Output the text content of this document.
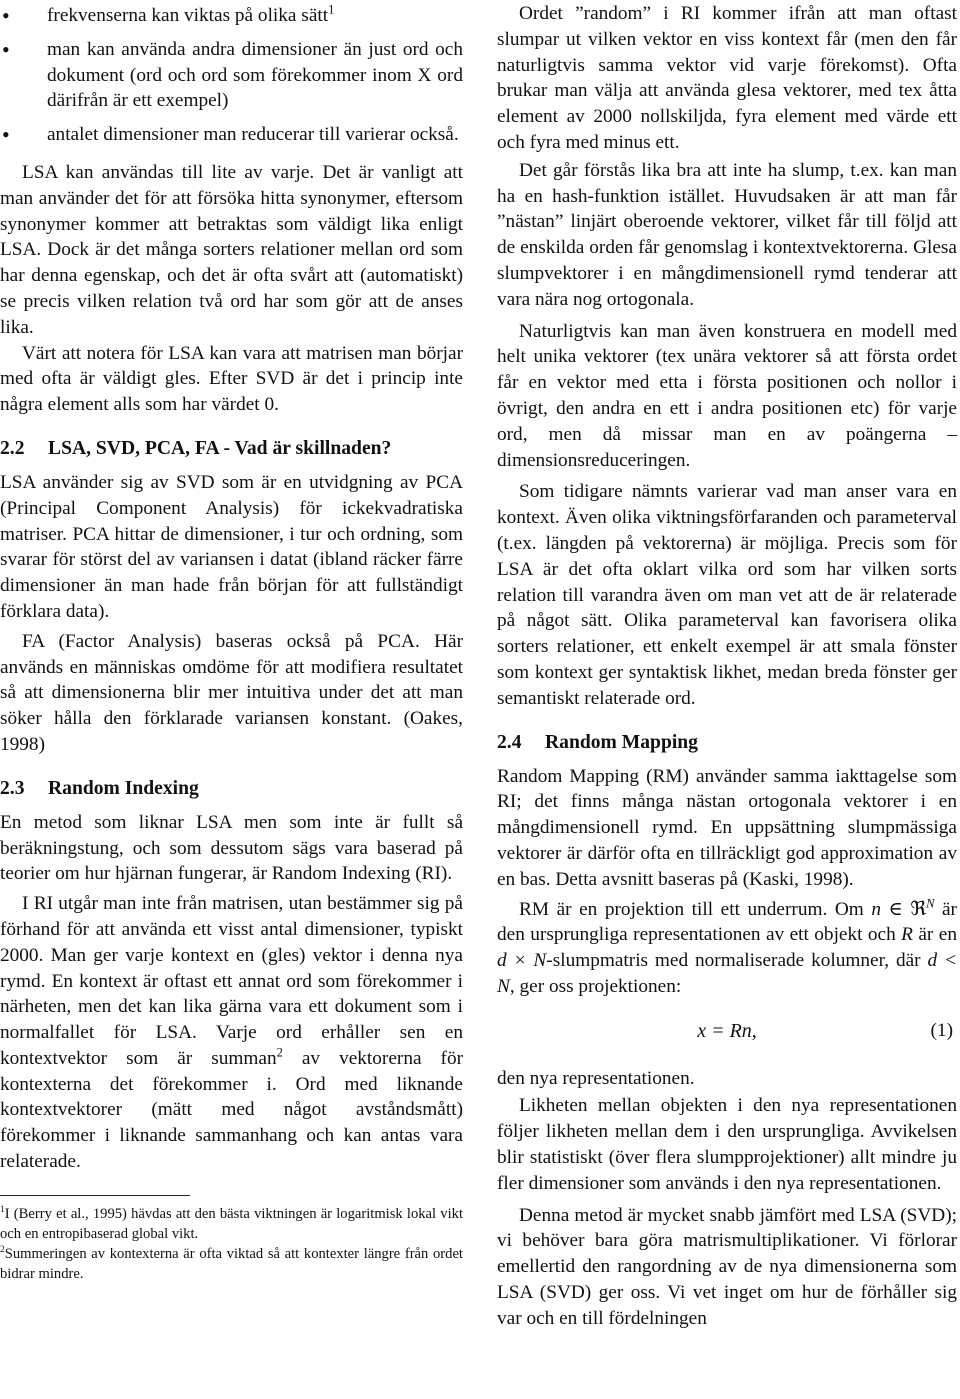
• frekvenserna kan viktas på olika sätt$^1$
• man kan använda andra dimensioner än just ord och dokument (ord och ord som förekommer inom X ord därifrån är ett exempel)
• antalet dimensioner man reducerar till varierar också.

LSA kan användas till lite av varje. Det är vanligt att man använder det för att försöka hitta synonymer, eftersom synonymer kommer att betraktas som väldigt lika enligt LSA. Dock är det många sorters relationer mellan ord som har denna egenskap, och det är ofta svårt att (automatiskt) se precis vilken relation två ord har som gör att de anses lika.

Värt att notera för LSA kan vara att matrisen man börjar med ofta är väldigt gles. Efter SVD är det i princip inte några element alls som har värdet 0.

2.2 LSA, SVD, PCA, FA - Vad är skillnaden?

LSA använder sig av SVD som är en utvidgning av PCA (Principal Component Analysis) för ickekvadratiska matriser. PCA hittar de dimensioner, i tur och ordning, som svarar för störst del av variansen i datat (ibland räcker färre dimensioner än man hade från början för att fullständigt förklara data).

FA (Factor Analysis) baseras också på PCA. Här används en människas omdöme för att modifiera resultatet så att dimensionerna blir mer intuitiva under det att man söker hålla den förklarade variansen konstant. (Oakes, 1998)

2.3 Random Indexing

En metod som liknar LSA men som inte är fullt så beräkningstung, och som dessutom sägs vara baserad på teorier om hur hjärnan fungerar, är Random Indexing (RI).

I RI utgår man inte från matrisen, utan bestämmer sig på förhand för att använda ett visst antal dimensioner, typiskt 2000. Man ger varje kontext en (gles) vektor i denna nya rymd. En kontext är oftast ett annat ord som förekommer i närheten, men det kan lika gärna vara ett dokument som i normalfallet för LSA. Varje ord erhåller sen en kontextvektor som är summan$^2$ av vektorerna för kontexterna det förekommer i. Ord med liknande kontextvektorer (mätt med något avståndsmått) förekommer i liknande sammanhang och kan antas vara relaterade.

$^1$I (Berry et al., 1995) hävdas att den bästa viktningen är logaritmisk lokal vikt och en entropibaserad global vikt.

$^2$Summeringen av kontexterna är ofta viktad så att kontexter längre från ordet bidrar mindre.

Ordet ”random” i RI kommer ifrån att man oftast slumpar ut vilken vektor en viss kontext får (men den får naturligtvis samma vektor vid varje förekomst). Ofta brukar man välja att använda glesa vektorer, med tex åtta element av 2000 nollskiljda, fyra element med värde ett och fyra med minus ett.

Det går förstås lika bra att inte ha slump, t.ex. kan man ha en hash-funktion istället. Huvudsaken är att man får ”nästan” linjärt oberoende vektorer, vilket får till följd att de enskilda orden får genomslag i kontextvektorerna. Glesa slumpvektorer i en mångdimensionell rymd tenderar att vara nära nog ortogonala.

Naturligtvis kan man även konstruera en modell med helt unika vektorer (tex unära vektorer så att första ordet får en vektor med etta i första positionen och nollor i övrigt, den andra en ett i andra positionen etc) för varje ord, men då missar man en av poängerna – dimensionsreduceringen.

Som tidigare nämnts varierar vad man anser vara en kontext. Även olika viktningsförfaranden och parameterval (t.ex. längden på vektorerna) är möjliga. Precis som för LSA är det ofta oklart vilka ord som har vilken sorts relation till varandra även om man vet att de är relaterade på något sätt. Olika parameterval kan favorisera olika sorters relationer, ett enkelt exempel är att smala fönster som kontext ger syntaktisk likhet, medan breda fönster ger semantiskt relaterade ord.

2.4 Random Mapping

Random Mapping (RM) använder samma iakttagelse som RI; det finns många nästan ortogonala vektorer i en mångdimensionell rymd. En uppsättning slumpmässiga vektorer är därför ofta en tillräckligt god approximation av en bas. Detta avsnitt baseras på (Kaski, 1998).

RM är en projektion till ett underrum. Om n ∈ ℜ$^N$ är den ursprungliga representationen av ett objekt och R är en d × N-slumpmatris med normaliserade kolumner, där d < N, ger oss projektionen:

x = Rn,	(1)

den nya representationen.

Likheten mellan objekten i den nya representationen följer likheten mellan dem i den ursprungliga. Avvikelsen blir statistiskt (över flera slumpprojektioner) allt mindre ju fler dimensioner som används i den nya representationen.

Denna metod är mycket snabb jämfört med LSA (SVD); vi behöver bara göra matrismultiplikationer. Vi förlorar emellertid den rangordning av de nya dimensionerna som LSA (SVD) ger oss. Vi vet inget om hur de förhåller sig var och en till fördelningen
